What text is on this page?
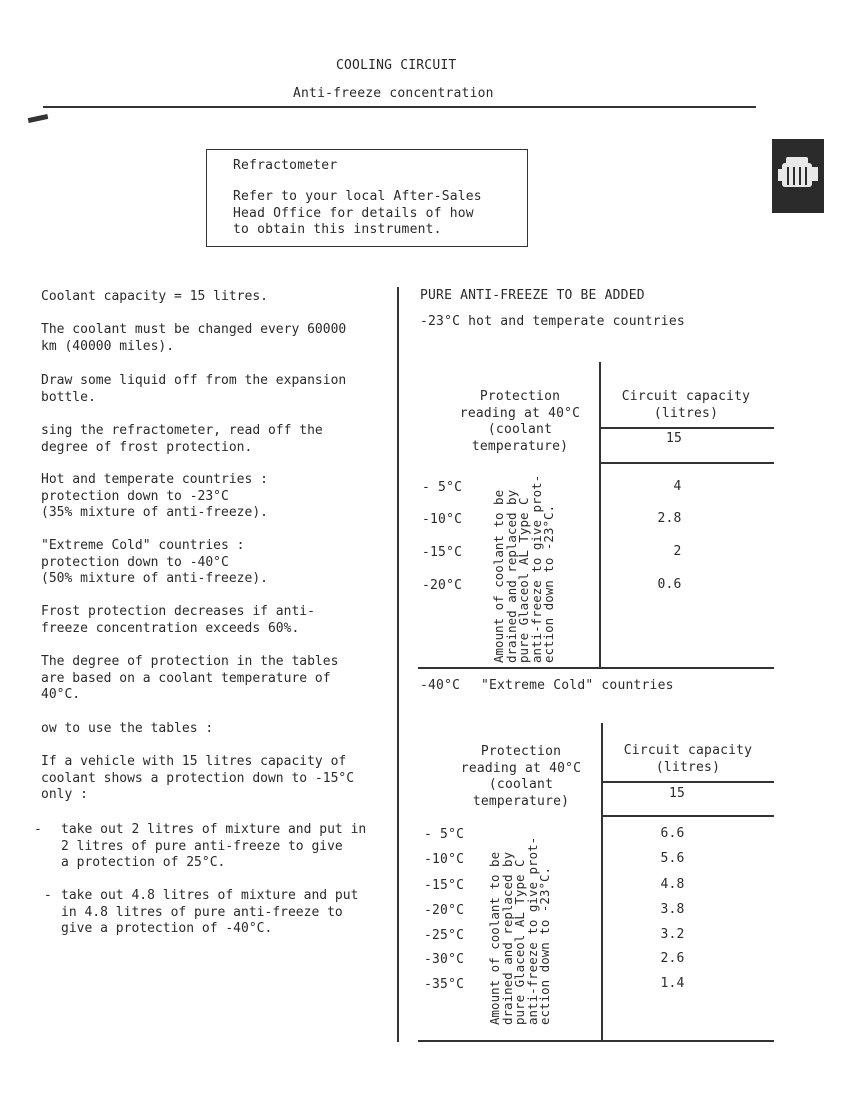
COOLING CIRCUIT
Anti-freeze concentration
Refractometer
Refer to your local After-Sales
Head Office for details of how
to obtain this instrument.
Coolant capacity = 15 litres.
The coolant must be changed every 60000
km (40000 miles).
Draw some liquid off from the expansion
bottle.
sing the refractometer, read off the
degree of frost protection.
Hot and temperate countries :
protection down to -23°C
(35% mixture of anti-freeze).
"Extreme Cold" countries :
protection down to -40°C
(50% mixture of anti-freeze).
Frost protection decreases if anti-
freeze concentration exceeds 60%.
The degree of protection in the tables
are based on a coolant temperature of
40°C.
ow to use the tables :
If a vehicle with 15 litres capacity of
coolant shows a protection down to -15°C
only :
- take out 2 litres of mixture and put in
2 litres of pure anti-freeze to give
a protection of 25°C.
- take out 4.8 litres of mixture and put
in 4.8 litres of pure anti-freeze to
give a protection of -40°C.
PURE ANTI-FREEZE TO BE ADDED
-23°C hot and temperate countries
Protection
reading at 40°C
(coolant
temperature)
Circuit capacity
(litres)
15
Amount of coolant to be
drained and replaced by
pure Glaceol AL Type C
anti-freeze to give prot-
ection down to -23°C.
- 5°C	4
-10°C	2.8
-15°C	2
-20°C	0.6
-40°C "Extreme Cold" countries
Protection
reading at 40°C
(coolant
temperature)
Circuit capacity
(litres)
15
Amount of coolant to be
drained and replaced by
pure Glaceol AL Type C
anti-freeze to give prot-
ection down to -23°C.
- 5°C	6.6
-10°C	5.6
-15°C	4.8
-20°C	3.8
-25°C	3.2
-30°C	2.6
-35°C	1.4
